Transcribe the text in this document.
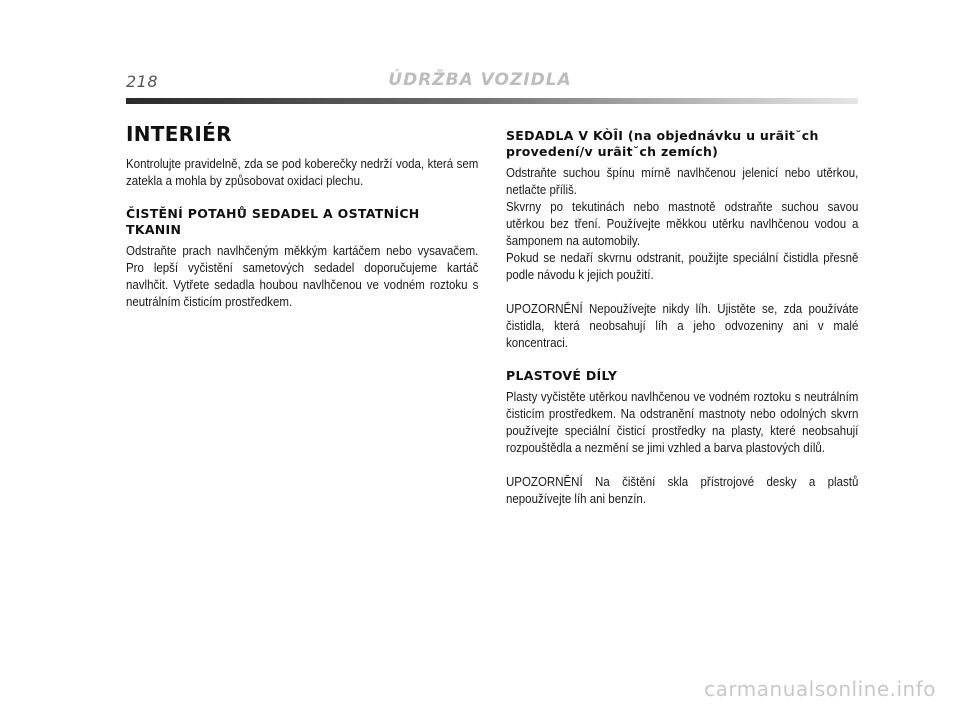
218	ÚDRŽBA VOZIDLA
INTERIÉR

Kontrolujte pravidelně, zda se pod koberečky nedrží voda, která sem zatekla a mohla by způsobovat oxidaci plechu.

ČISTĚNÍ POTAHŮ SEDADEL A OSTATNÍCH TKANIN

Odstraňte prach navlhčeným měkkým kartáčem nebo vysavačem. Pro lepší vyčistění sametových sedadel doporučujeme kartáč navlhčit. Vytřete sedadla houbou navlhčenou ve vodném roztoku s neutrálním čisticím prostředkem.

SEDADLA V KÒÎI (na objednávku u urãit˘ch provedení/v urãit˘ch zemích)

Odstraňte suchou špínu mírně navlhčenou jelenicí nebo utěrkou, netlačte příliš.

Skvrny po tekutinách nebo mastnotě odstraňte suchou savou utěrkou bez tření. Používejte měkkou utěrku navlhčenou vodou a šamponem na automobily.

Pokud se nedaří skvrnu odstranit, použijte speciální čistidla přesně podle návodu k jejich použití.

UPOZORNĚNÍ Nepoužívejte nikdy líh. Ujistěte se, zda používáte čistidla, která neobsahují líh a jeho odvozeniny ani v malé koncentraci.

PLASTOVÉ DÍLY

Plasty vyčistěte utěrkou navlhčenou ve vodném roztoku s neutrálním čisticím prostředkem. Na odstranění mastnoty nebo odolných skvrn používejte speciální čisticí prostředky na plasty, které neobsahují rozpouštědla a nezmění se jimi vzhled a barva plastových dílů.

UPOZORNĚNÍ Na čištění skla přístrojové desky a plastů nepoužívejte líh ani benzín.

carmanualsonline.info
